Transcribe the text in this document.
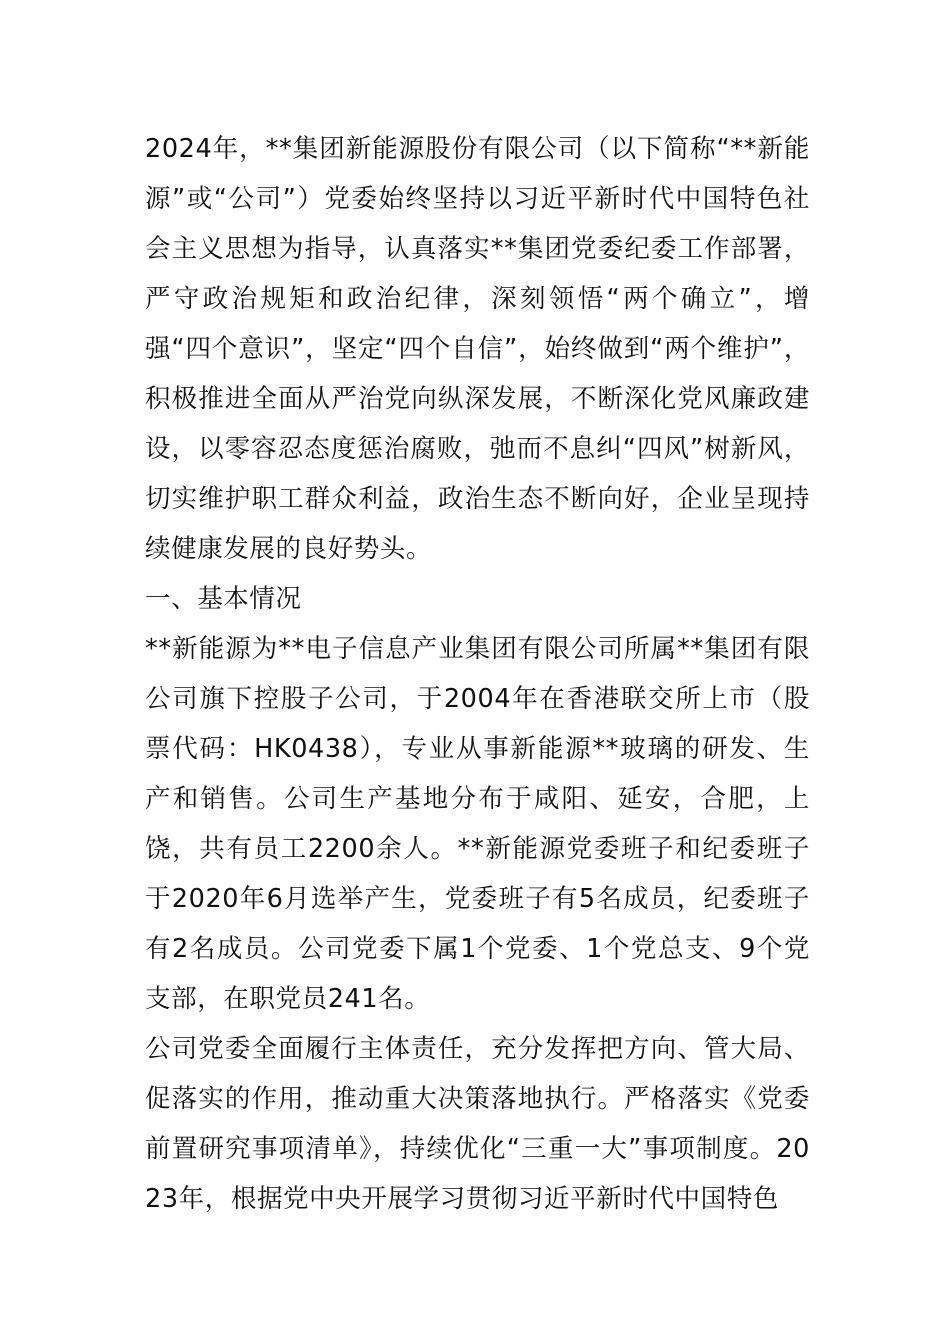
2024年，**集团新能源股份有限公司（以下简称“**新能源”或“公司”）党委始终坚持以习近平新时代中国特色社会主义思想为指导，认真落实**集团党委纪委工作部署，严守政治规矩和政治纪律，深刻领悟“两个确立”，增强“四个意识”，坚定“四个自信”，始终做到“两个维护”，积极推进全面从严治党向纵深发展，不断深化党风廉政建设，以零容忍态度惩治腐败，弛而不息纠“四风”树新风，切实维护职工群众利益，政治生态不断向好，企业呈现持续健康发展的良好势头。

一、基本情况

**新能源为**电子信息产业集团有限公司所属**集团有限公司旗下控股子公司，于2004年在香港联交所上市（股票代码：HK0438），专业从事新能源**玻璃的研发、生产和销售。公司生产基地分布于咸阳、延安，合肥，上饶，共有员工2200余人。**新能源党委班子和纪委班子于2020年6月选举产生，党委班子有5名成员，纪委班子有2名成员。公司党委下属1个党委、1个党总支、9个党支部，在职党员241名。

公司党委全面履行主体责任，充分发挥把方向、管大局、促落实的作用，推动重大决策落地执行。严格落实《党委前置研究事项清单》，持续优化“三重一大”事项制度。2023年，根据党中央开展学习贯彻习近平新时代中国特色
